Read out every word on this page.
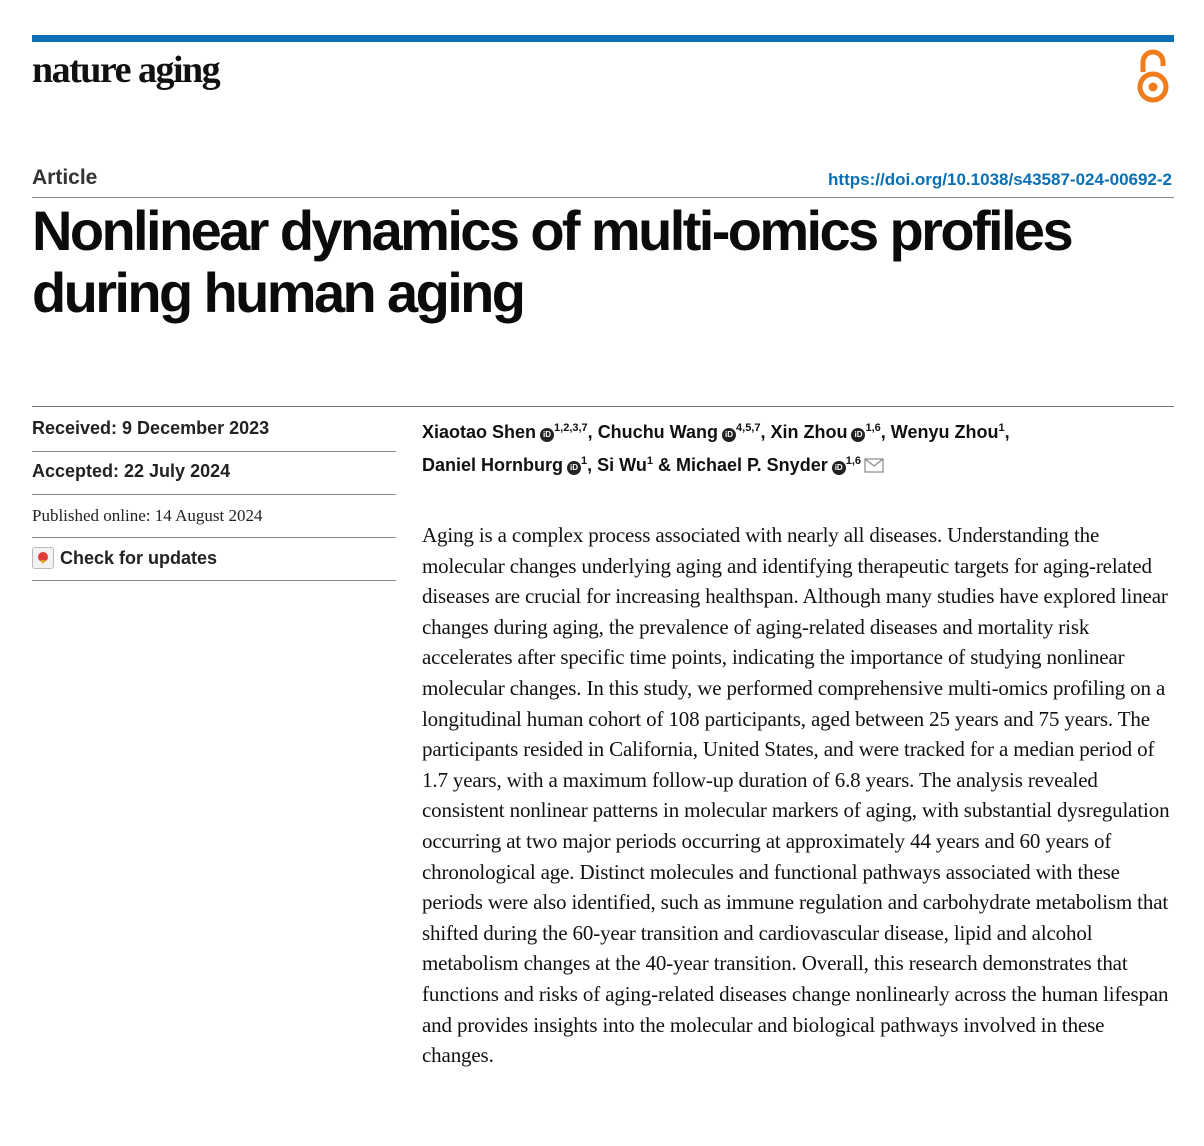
nature aging
Article	https://doi.org/10.1038/s43587-024-00692-2
Nonlinear dynamics of multi-omics profiles during human aging
Received: 9 December 2023
Accepted: 22 July 2024
Published online: 14 August 2024
Check for updates
Xiaotao Shen iD$^{1,2,3,7}$, Chuchu Wang iD$^{4,5,7}$, Xin Zhou iD$^{1,6}$, Wenyu Zhou$^1$,
Daniel Hornburg $iD^1$, Si Wu$^1$ & Michael P. Snyder iD$^{1,6}$

Aging is a complex process associated with nearly all diseases. Understanding the molecular changes underlying aging and identifying therapeutic targets for aging-related diseases are crucial for increasing healthspan. Although many studies have explored linear changes during aging, the prevalence of aging-related diseases and mortality risk accelerates after specific time points, indicating the importance of studying nonlinear molecular changes. In this study, we performed comprehensive multi-omics profiling on a longitudinal human cohort of 108 participants, aged between 25 years and 75 years. The participants resided in California, United States, and were tracked for a median period of 1.7 years, with a maximum follow-up duration of 6.8 years. The analysis revealed consistent nonlinear patterns in molecular markers of aging, with substantial dysregulation occurring at two major periods occurring at approximately 44 years and 60 years of chronological age. Distinct molecules and functional pathways associated with these periods were also identified, such as immune regulation and carbohydrate metabolism that shifted during the 60-year transition and cardiovascular disease, lipid and alcohol metabolism changes at the 40-year transition. Overall, this research demonstrates that functions and risks of aging-related diseases change nonlinearly across the human lifespan and provides insights into the molecular and biological pathways involved in these changes.
